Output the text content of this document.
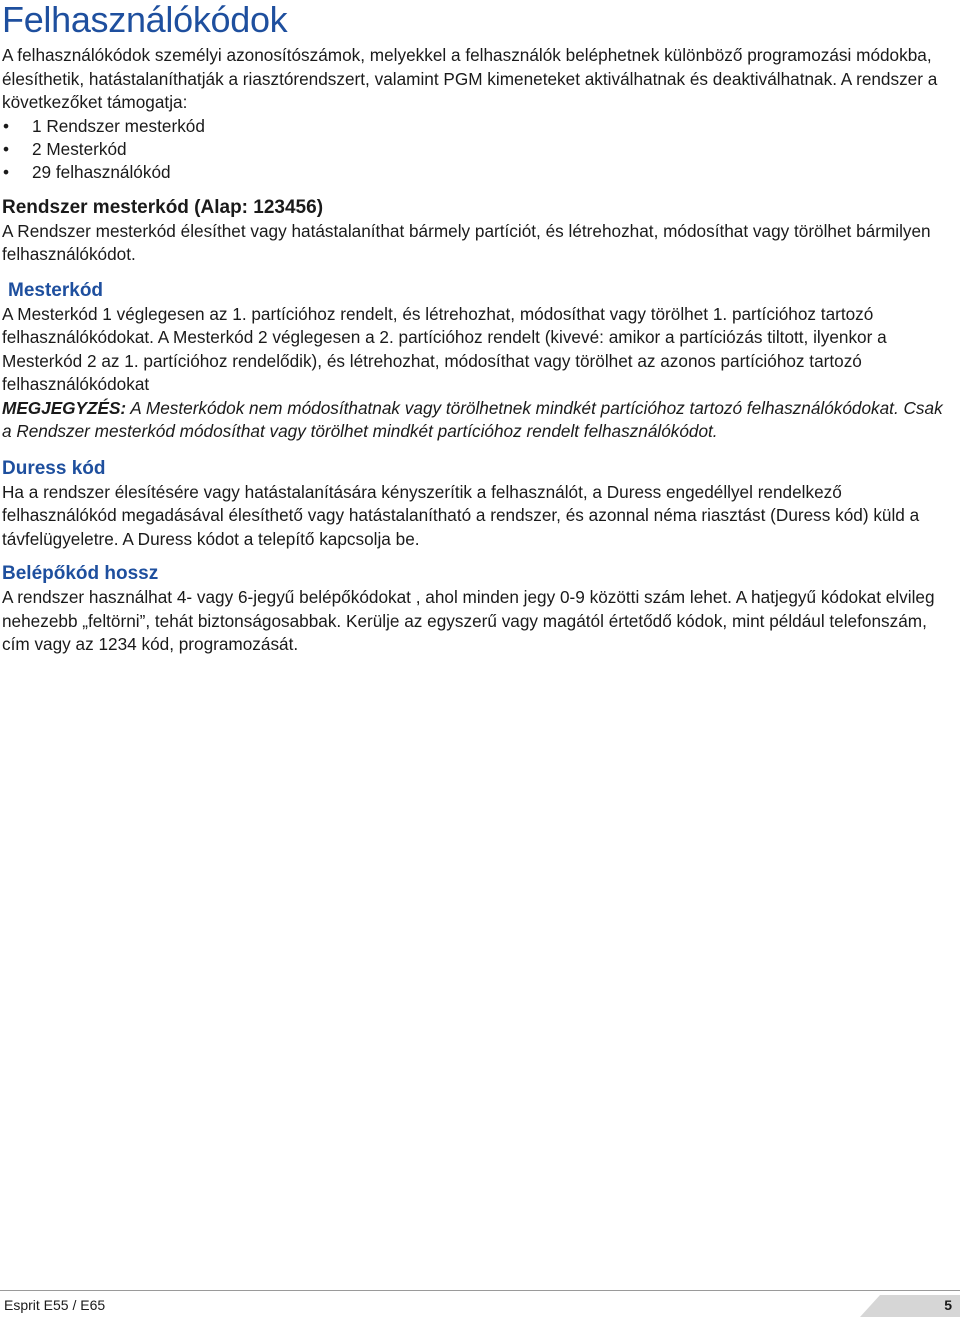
Felhasználókódok

A felhasználókódok személyi azonosítószámok, melyekkel a felhasználók beléphetnek különböző programozási módokba, élesíthetik, hatástalaníthatják a riasztórendszert, valamint PGM kimeneteket aktiválhatnak és deaktiválhatnak. A rendszer a következőket támogatja:

• 1 Rendszer mesterkód
• 2 Mesterkód
• 29 felhasználókód

Rendszer mesterkód (Alap: 123456)

A Rendszer mesterkód élesíthet vagy hatástalaníthat bármely partíciót, és létrehozhat, módosíthat vagy törölhet bármilyen felhasználókódot.

Mesterkód

A Mesterkód 1 véglegesen az 1. partícióhoz rendelt, és létrehozhat, módosíthat vagy törölhet 1. partícióhoz tartozó felhasználókódokat. A Mesterkód 2 véglegesen a 2. partícióhoz rendelt (kivevé: amikor a partíciózás tiltott, ilyenkor a Mesterkód 2 az 1. partícióhoz rendelődik), és létrehozhat, módosíthat vagy törölhet az azonos partícióhoz tartozó felhasználókódokat

MEGJEGYZÉS: A Mesterkódok nem módosíthatnak vagy törölhetnek mindkét partícióhoz tartozó felhasználókódokat. Csak a Rendszer mesterkód módosíthat vagy törölhet mindkét partícióhoz rendelt felhasználókódot.

Duress kód

Ha a rendszer élesítésére vagy hatástalanítására kényszerítik a felhasználót, a Duress engedéllyel rendelkező felhasználókód megadásával élesíthető vagy hatástalanítható a rendszer, és azonnal néma riasztást (Duress kód) küld a távfelügyeletre. A Duress kódot a telepítő kapcsolja be.

Belépőkód hossz

A rendszer használhat 4- vagy 6-jegyű belépőkódokat , ahol minden jegy 0-9 közötti szám lehet. A hatjegyű kódokat elvileg nehezebb „feltörni”, tehát biztonságosabbak. Kerülje az egyszerű vagy magától értetődő kódok, mint például telefonszám, cím vagy az 1234 kód, programozását.

Esprit E55 / E65	5
